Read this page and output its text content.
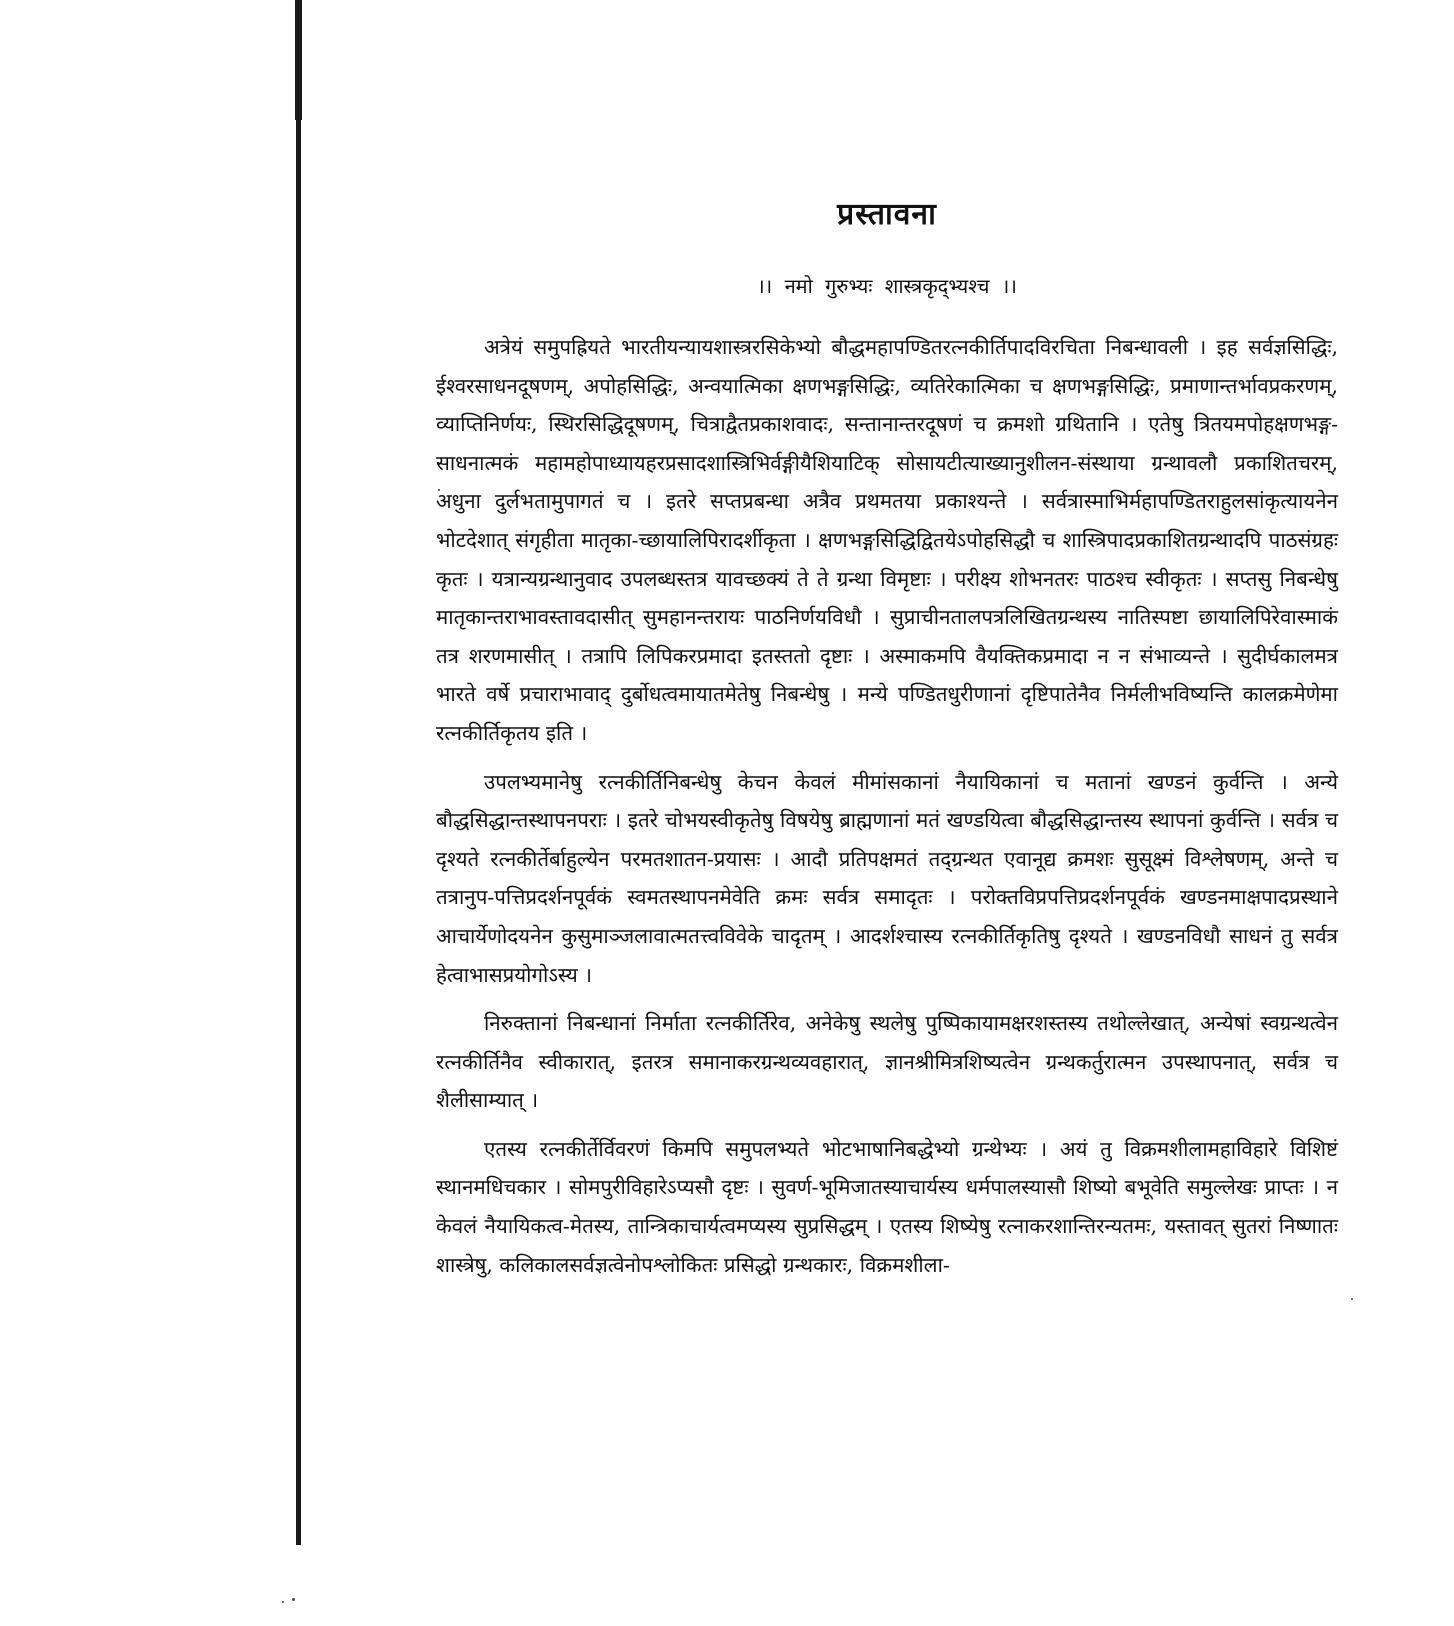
प्रस्तावना
।। नमो गुरुभ्यः शास्त्रकृद्भ्यश्च ।।

अत्रेयं समुपह्रियते भारतीयन्यायशास्त्ररसिकेभ्यो बौद्धमहापण्डितरत्नकीर्तिपादविरचिता निबन्धावली । इह सर्वज्ञसिद्धिः, ईश्वरसाधनदूषणम्, अपोहसिद्धिः, अन्वयात्मिका क्षणभङ्गसिद्धिः, व्यतिरेकात्मिका च क्षणभङ्गसिद्धिः, प्रमाणान्तर्भावप्रकरणम्, व्याप्तिनिर्णयः, स्थिरसिद्धिदूषणम्, चित्राद्वैतप्रकाशवादः, सन्तानान्तरदूषणं च क्रमशो ग्रथितानि । एतेषु त्रितयमपोहक्षणभङ्ग-साधनात्मकं महामहोपाध्यायहरप्रसादशास्त्रिभिर्वङ्गीयैशियाटिक् सोसायटीत्याख्यानुशीलन-संस्थाया ग्रन्थावलौ प्रकाशितचरम्, अधुना दुर्लभतामुपागतं च । इतरे सप्तप्रबन्धा अत्रैव प्रथमतया प्रकाश्यन्ते । सर्वत्रास्माभिर्महापण्डितराहुलसांकृत्यायनेन भोटदेशात् संगृहीता मातृका-च्छायालिपिरादर्शीकृता । क्षणभङ्गसिद्धिद्वितयेऽपोहसिद्धौ च शास्त्रिपादप्रकाशितग्रन्थादपि पाठसंग्रहः कृतः । यत्रान्यग्रन्थानुवाद उपलब्धस्तत्र यावच्छक्यं ते ते ग्रन्था विमृष्टाः । परीक्ष्य शोभनतरः पाठश्च स्वीकृतः । सप्तसु निबन्धेषु मातृकान्तराभावस्तावदासीत् सुमहानन्तरायः पाठनिर्णयविधौ । सुप्राचीनतालपत्रलिखितग्रन्थस्य नातिस्पष्टा छायालिपिरेवास्माकं तत्र शरणमासीत् । तत्रापि लिपिकरप्रमादा इतस्ततो दृष्टाः । अस्माकमपि वैयक्तिकप्रमादा न न संभाव्यन्ते । सुदीर्घकालमत्र भारते वर्षे प्रचाराभावाद् दुर्बोधत्वमायातमेतेषु निबन्धेषु । मन्ये पण्डितधुरीणानां दृष्टिपातेनैव निर्मलीभविष्यन्ति कालक्रमेणेमा रत्नकीर्तिकृतय इति ।

उपलभ्यमानेषु रत्नकीर्तिनिबन्धेषु केचन केवलं मीमांसकानां नैयायिकानां च मतानां खण्डनं कुर्वन्ति । अन्ये बौद्धसिद्धान्तस्थापनपराः । इतरे चोभयस्वीकृतेषु विषयेषु ब्राह्मणानां मतं खण्डयित्वा बौद्धसिद्धान्तस्य स्थापनां कुर्वन्ति । सर्वत्र च दृश्यते रत्नकीर्तेर्बाहुल्येन परमतशातन-प्रयासः । आदौ प्रतिपक्षमतं तद्ग्रन्थत एवानूद्य क्रमशः सुसूक्ष्मं विश्लेषणम्, अन्ते च तत्रानुप-पत्तिप्रदर्शनपूर्वकं स्वमतस्थापनमेवेति क्रमः सर्वत्र समादृतः । परोक्तविप्रपत्तिप्रदर्शनपूर्वकं खण्डनमाक्षपादप्रस्थाने आचार्येणोदयनेन कुसुमाञ्जलावात्मतत्त्वविवेके चादृतम् । आदर्शश्चास्य रत्नकीर्तिकृतिषु दृश्यते । खण्डनविधौ साधनं तु सर्वत्र हेत्वाभासप्रयोगोऽस्य ।

निरुक्तानां निबन्धानां निर्माता रत्नकीर्तिरेव, अनेकेषु स्थलेषु पुष्पिकायामक्षरशस्तस्य तथोल्लेखात्, अन्येषां स्वग्रन्थत्वेन रत्नकीर्तिनैव स्वीकारात्, इतरत्र समानाकरग्रन्थव्यवहारात्, ज्ञानश्रीमित्रशिष्यत्वेन ग्रन्थकर्तुरात्मन उपस्थापनात्, सर्वत्र च शैलीसाम्यात् ।

एतस्य रत्नकीर्तेर्विवरणं किमपि समुपलभ्यते भोटभाषानिबद्धेभ्यो ग्रन्थेभ्यः । अयं तु विक्रमशीलामहाविहारे विशिष्टं स्थानमधिचकार । सोमपुरीविहारेऽप्यसौ दृष्टः । सुवर्ण-भूमिजातस्याचार्यस्य धर्मपालस्यासौ शिष्यो बभूवेति समुल्लेखः प्राप्तः । न केवलं नैयायिकत्व-मेतस्य, तान्त्रिकाचार्यत्वमप्यस्य सुप्रसिद्धम् । एतस्य शिष्येषु रत्नाकरशान्तिरन्यतमः, यस्तावत् सुतरां निष्णातः शास्त्रेषु, कलिकालसर्वज्ञत्वेनोपश्लोकितः प्रसिद्धो ग्रन्थकारः, विक्रमशीला-
